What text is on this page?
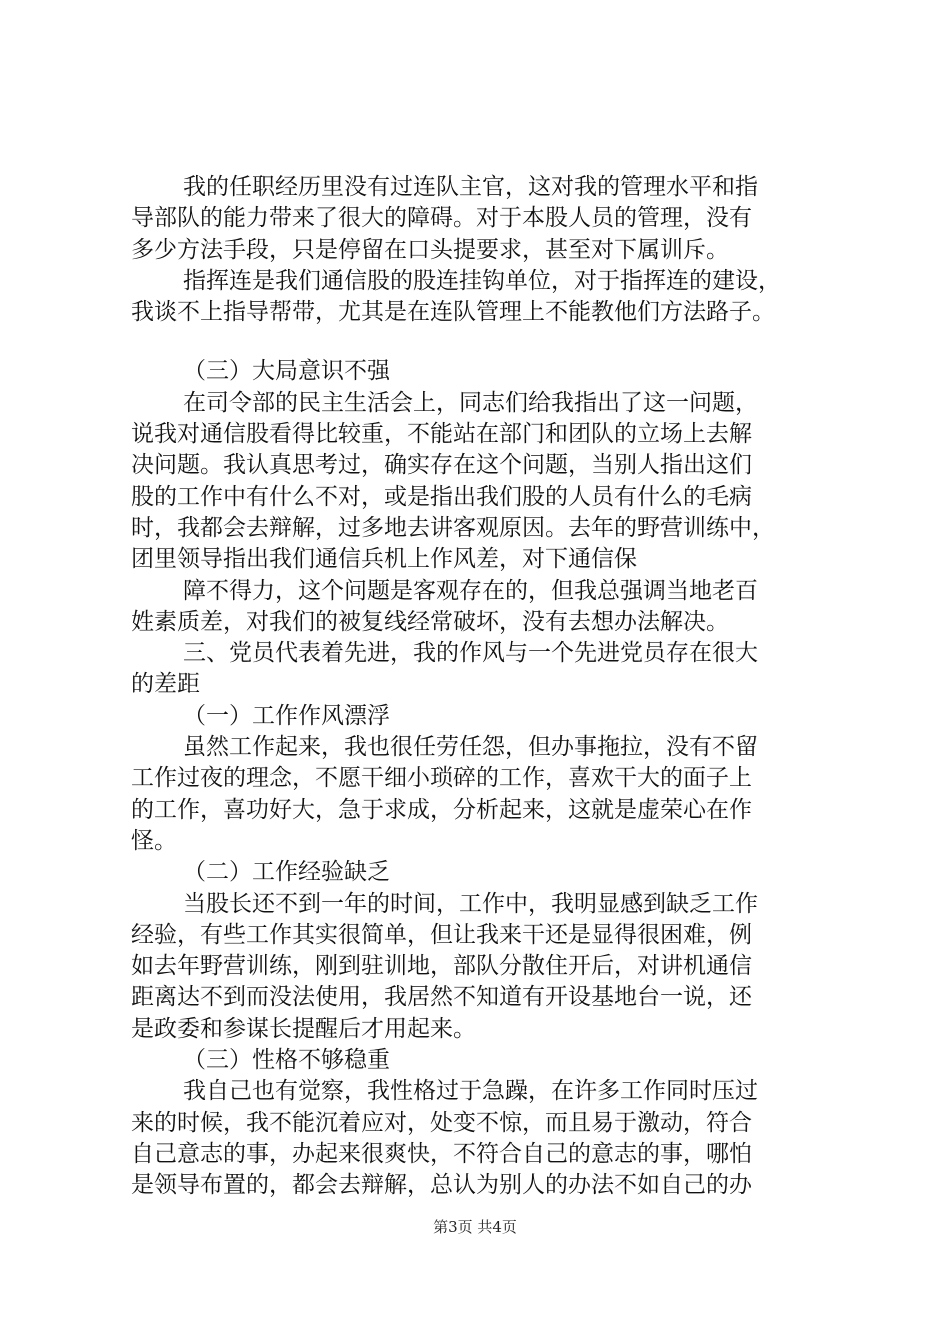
我的任职经历里没有过连队主官，这对我的管理水平和指
导部队的能力带来了很大的障碍。对于本股人员的管理，没有
多少方法手段，只是停留在口头提要求，甚至对下属训斥。
指挥连是我们通信股的股连挂钩单位，对于指挥连的建设，
我谈不上指导帮带，尤其是在连队管理上不能教他们方法路子。
（三）大局意识不强
在司令部的民主生活会上，同志们给我指出了这一问题，
说我对通信股看得比较重，不能站在部门和团队的立场上去解
决问题。我认真思考过，确实存在这个问题，当别人指出这们
股的工作中有什么不对，或是指出我们股的人员有什么的毛病
时，我都会去辩解，过多地去讲客观原因。去年的野营训练中，
团里领导指出我们通信兵机上作风差，对下通信保
障不得力，这个问题是客观存在的，但我总强调当地老百
姓素质差，对我们的被复线经常破坏，没有去想办法解决。
三、党员代表着先进，我的作风与一个先进党员存在很大
的差距
（一）工作作风漂浮
虽然工作起来，我也很任劳任怨，但办事拖拉，没有不留
工作过夜的理念，不愿干细小琐碎的工作，喜欢干大的面子上
的工作，喜功好大，急于求成，分析起来，这就是虚荣心在作
怪。
（二）工作经验缺乏
当股长还不到一年的时间，工作中，我明显感到缺乏工作
经验，有些工作其实很简单，但让我来干还是显得很困难，例
如去年野营训练，刚到驻训地，部队分散住开后，对讲机通信
距离达不到而没法使用，我居然不知道有开设基地台一说，还
是政委和参谋长提醒后才用起来。
（三）性格不够稳重
我自己也有觉察，我性格过于急躁，在许多工作同时压过
来的时候，我不能沉着应对，处变不惊，而且易于激动，符合
自己意志的事，办起来很爽快，不符合自己的意志的事，哪怕
是领导布置的，都会去辩解，总认为别人的办法不如自己的办
第3页 共4页
